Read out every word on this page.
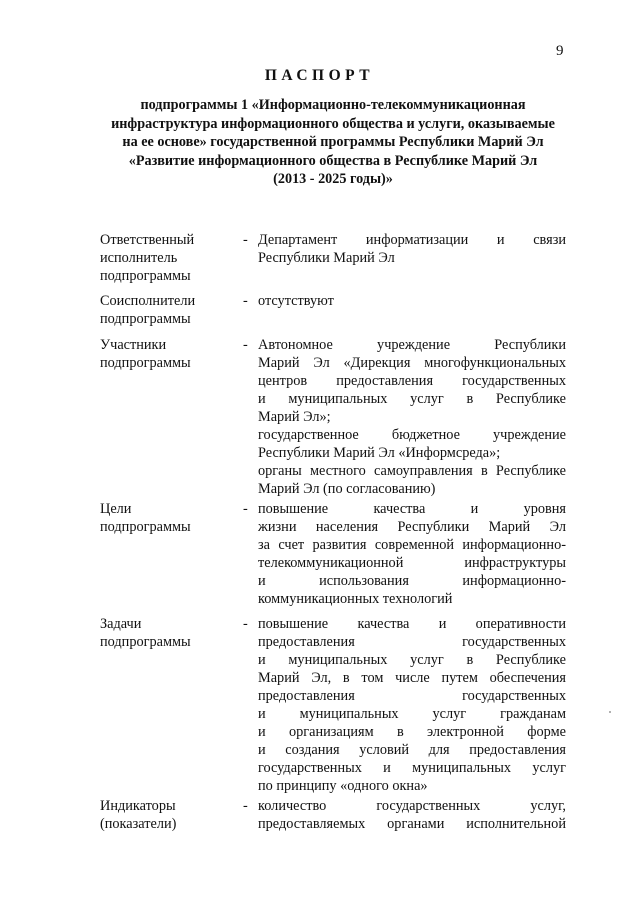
9
ПАСПОРТ
подпрограммы 1 «Информационно-телекоммуникационная
инфраструктура информационного общества и услуги, оказываемые
на ее основе» государственной программы Республики Марий Эл
«Развитие информационного общества в Республике Марий Эл
(2013 - 2025 годы)»
Ответственный
исполнитель
подпрограммы
- Департамент информатизации и связи
Республики Марий Эл
Соисполнители
подпрограммы
- отсутствуют
Участники
подпрограммы
- Автономное учреждение Республики
Марий Эл «Дирекция многофункциональных
центров предоставления государственных
и муниципальных услуг в Республике
Марий Эл»;
государственное бюджетное учреждение
Республики Марий Эл «Информсреда»;
органы местного самоуправления в Республике
Марий Эл (по согласованию)
Цели
подпрограммы
- повышение качества и уровня
жизни населения Республики Марий Эл
за счет развития современной информационно-
телекоммуникационной инфраструктуры
и использования информационно-
коммуникационных технологий
Задачи
подпрограммы
- повышение качества и оперативности
предоставления государственных
и муниципальных услуг в Республике
Марий Эл, в том числе путем обеспечения
предоставления государственных
и муниципальных услуг гражданам
и организациям в электронной форме
и создания условий для предоставления
государственных и муниципальных услуг
по принципу «одного окна»
Индикаторы
(показатели)
- количество государственных услуг,
предоставляемых органами исполнительной
